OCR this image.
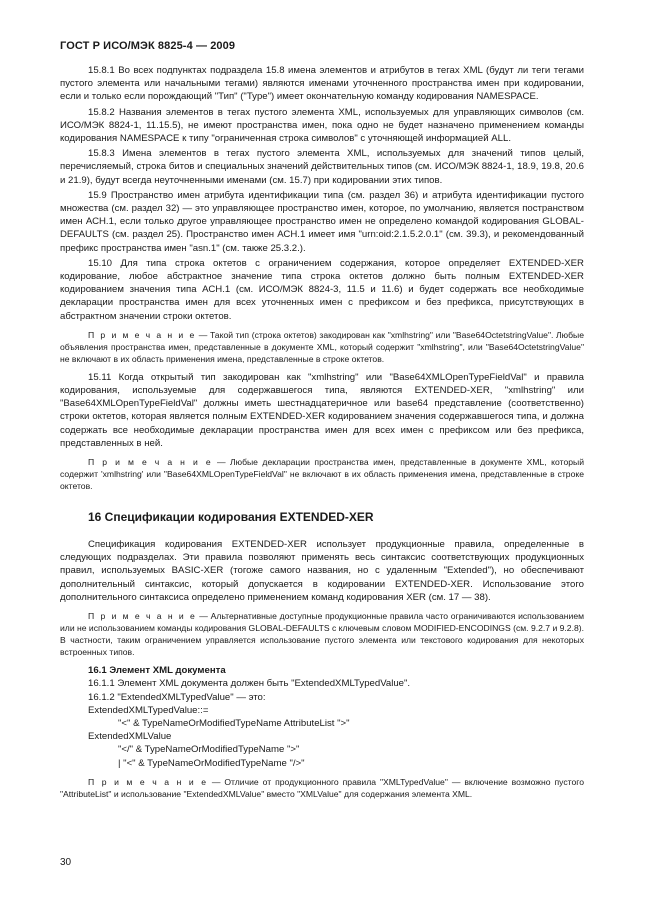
ГОСТ Р ИСО/МЭК 8825-4 — 2009

15.8.1 Во всех подпунктах подраздела 15.8 имена элементов и атрибутов в тегах XML (будут ли теги тегами пустого элемента или начальными тегами) являются именами уточненного пространства имен при кодировании, если и только если порождающий "Тип" ("Type") имеет окончательную команду кодирования NAMESPACE.

15.8.2 Названия элементов в тегах пустого элемента XML, используемых для управляющих символов (см. ИСО/МЭК 8824-1, 11.15.5), не имеют пространства имен, пока одно не будет назначено применением команды кодирования NAMESPACE к типу "ограниченная строка символов" с уточняющей информацией ALL.

15.8.3 Имена элементов в тегах пустого элемента XML, используемых для значений типов целый, перечисляемый, строка битов и специальных значений действительных типов (см. ИСО/МЭК 8824-1, 18.9, 19.8, 20.6 и 21.9), будут всегда неуточненными именами (см. 15.7) при кодировании этих типов.

15.9 Пространство имен атрибута идентификации типа (см. раздел 36) и атрибута идентификации пустого множества (см. раздел 32) — это управляющее пространство имен, которое, по умолчанию, является постранством имен АСН.1, если только другое управляющее пространство имен не определено командой кодирования GLOBAL-DEFAULTS (см. раздел 25). Пространство имен АСН.1 имеет имя "urn:oid:2.1.5.2.0.1" (см. 39.3), и рекомендованный префикс пространства имен "asn.1" (см. также 25.3.2.).

15.10 Для типа строка октетов с ограничением содержания, которое определяет EXTENDED-XER кодирование, любое абстрактное значение типа строка октетов должно быть полным EXTENDED-XER кодированием значения типа АСН.1 (см. ИСО/МЭК 8824-3, 11.5 и 11.6) и будет содержать все необходимые декларации пространства имен для всех уточненных имен с префиксом и без префикса, присутствующих в абстрактном значении строки октетов.

П р и м е ч а н и е — Такой тип (строка октетов) закодирован как "xmlhstring" или "Base64OctetstringValue". Любые объявления пространства имен, представленные в документе XML, который содержит "xmlhstring", или "Base64OctetstringValue" не включают в их область применения имена, представленные в строке октетов.

15.11 Когда открытый тип закодирован как "xmlhstring" или "Base64XMLOpenTypeFieldVal" и правила кодирования, используемые для содержавшегося типа, являются EXTENDED-XER, "xmlhstring" или "Base64XMLOpenTypeFieldVal" должны иметь шестнадцатеричное или base64 представление (соответственно) строки октетов, которая является полным EXTENDED-XER кодированием значения содержавшегося типа, и должна содержать все необходимые декларации пространства имен для всех имен с префиксом или без префикса, представленных в ней.

П р и м е ч а н и е — Любые декларации пространства имен, представленные в документе XML, который содержит 'xmlhstring' или "Base64XMLOpenTypeFieldVal" не включают в их область применения имена, представленные в строке октетов.

16 Спецификации кодирования EXTENDED-XER

Спецификация кодирования EXTENDED-XER использует продукционные правила, определенные в следующих подразделах. Эти правила позволяют применять весь синтаксис соответствующих продукционных правил, используемых BASIC-XER (тогоже самого названия, но с удаленным "Extended"), но обеспечивают дополнительный синтаксис, который допускается в кодировании EXTENDED-XER. Использование этого дополнительного синтаксиса определено применением команд кодирования XER (см. 17 — 38).

П р и м е ч а н и е — Альтернативные доступные продукционные правила часто ограничиваются использованием или не использованием команды кодирования GLOBAL-DEFAULTS с ключевым словом MODIFIED-ENCODINGS (см. 9.2.7 и 9.2.8). В частности, таким ограничением управляется использование пустого элемента или текстового кодирования для некоторых встроенных типов.

16.1 Элемент XML документа

16.1.1 Элемент XML документа должен быть "ExtendedXMLTypedValue".

16.1.2 "ExtendedXMLTypedValue" — это:

ExtendedXMLTypedValue::=

"<" & TypeNameOrModifiedTypeName AttributeList ">"

ExtendedXMLValue

"</" & TypeNameOrModifiedTypeName ">"

| "<" & TypeNameOrModifiedTypeName "/>"

П р и м е ч а н и е — Отличие от продукционного правила "XMLTypedValue" — включение возможно пустого "AttributeList" и использование "ExtendedXMLValue" вместо "XMLValue" для содержания элемента XML.

30
